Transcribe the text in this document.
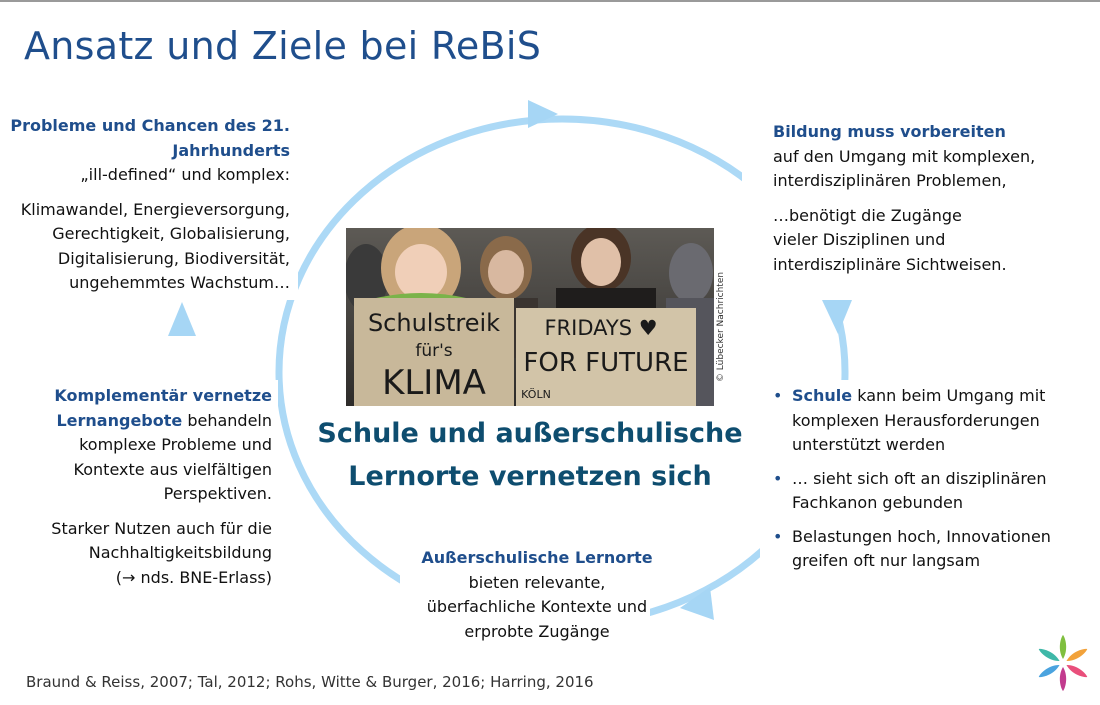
Ansatz und Ziele bei ReBiS

Probleme und Chancen des 21.

Jahrhunderts

„ill-defined“ und komplex:

Klimawandel, Energieversorgung,

Gerechtigkeit, Globalisierung,

Digitalisierung, Biodiversität,

ungehemmtes Wachstum…

Bildung muss vorbereiten

auf den Umgang mit komplexen,

interdisziplinären Problemen,

…benötigt die Zugänge

vieler Disziplinen und

interdisziplinäre Sichtweisen.

Komplementär vernetze

Lernangebote behandeln

komplexe Probleme und

Kontexte aus vielfältigen

Perspektiven.

Starker Nutzen auch für die

Nachhaltigkeitsbildung

(→ nds. BNE-Erlass)

Außerschulische Lernorte

bieten relevante,

überfachliche Kontexte und

erprobte Zugänge

• Schule kann beim Umgang mit

komplexen Herausforderungen

unterstützt werden

• … sieht sich oft an disziplinären

Fachkanon gebunden

• Belastungen hoch, Innovationen

greifen oft nur langsam

Schulstreik
für's
KLIMA
FRIDAYS ♥
FOR FUTURE
KÖLN
© Lübecker Nachrichten
Schule und außerschulische
Lernorte vernetzen sich
Braund & Reiss, 2007; Tal, 2012; Rohs, Witte & Burger, 2016; Harring, 2016
